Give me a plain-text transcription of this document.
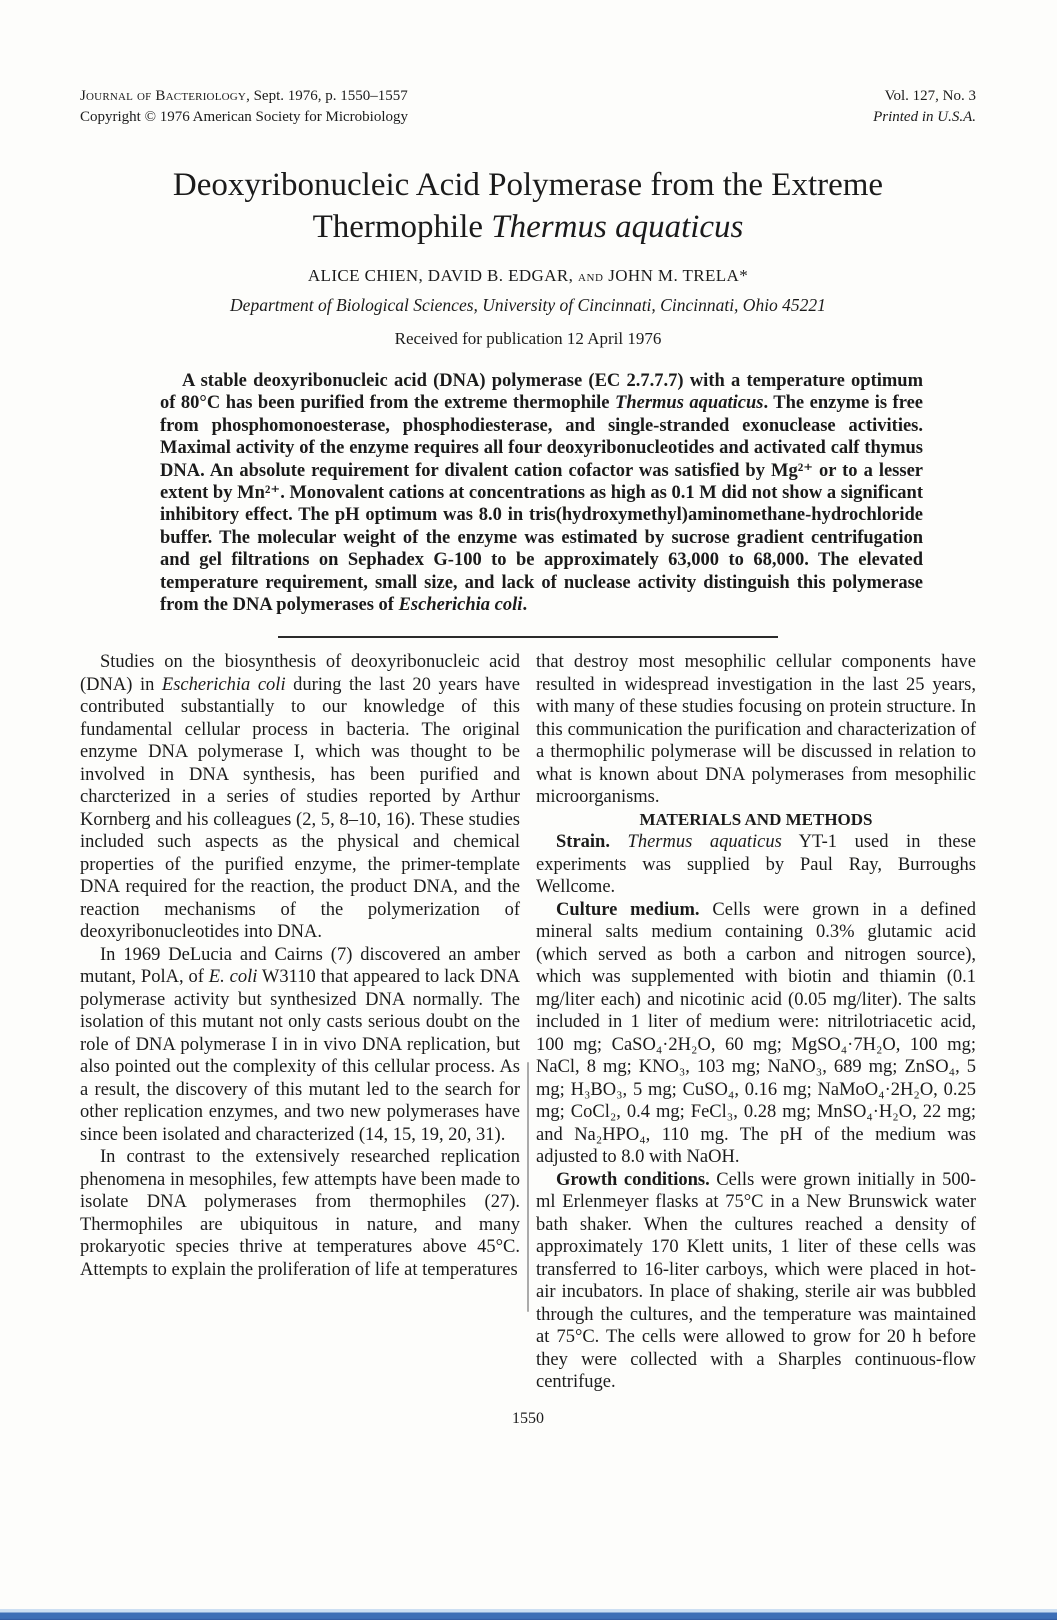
Journal of Bacteriology, Sept. 1976, p. 1550–1557
Copyright © 1976 American Society for Microbiology
Vol. 127, No. 3
Printed in U.S.A.
Deoxyribonucleic Acid Polymerase from the Extreme
Thermophile Thermus aquaticus
ALICE CHIEN, DAVID B. EDGAR, and JOHN M. TRELA*
Department of Biological Sciences, University of Cincinnati, Cincinnati, Ohio 45221
Received for publication 12 April 1976

A stable deoxyribonucleic acid (DNA) polymerase (EC 2.7.7.7) with a temperature optimum of 80°C has been purified from the extreme thermophile Thermus aquaticus. The enzyme is free from phosphomonoesterase, phosphodiesterase, and single-stranded exonuclease activities. Maximal activity of the enzyme requires all four deoxyribonucleotides and activated calf thymus DNA. An absolute requirement for divalent cation cofactor was satisfied by Mg²⁺ or to a lesser extent by Mn²⁺. Monovalent cations at concentrations as high as 0.1 M did not show a significant inhibitory effect. The pH optimum was 8.0 in tris(hydroxymethyl)aminomethane-hydrochloride buffer. The molecular weight of the enzyme was estimated by sucrose gradient centrifugation and gel filtrations on Sephadex G-100 to be approximately 63,000 to 68,000. The elevated temperature requirement, small size, and lack of nuclease activity distinguish this polymerase from the DNA polymerases of Escherichia coli.

Studies on the biosynthesis of deoxyribonucleic acid (DNA) in Escherichia coli during the last 20 years have contributed substantially to our knowledge of this fundamental cellular process in bacteria. The original enzyme DNA polymerase I, which was thought to be involved in DNA synthesis, has been purified and charcterized in a series of studies reported by Arthur Kornberg and his colleagues (2, 5, 8–10, 16). These studies included such aspects as the physical and chemical properties of the purified enzyme, the primer-template DNA required for the reaction, the product DNA, and the reaction mechanisms of the polymerization of deoxyribonucleotides into DNA.

In 1969 DeLucia and Cairns (7) discovered an amber mutant, PolA, of E. coli W3110 that appeared to lack DNA polymerase activity but synthesized DNA normally. The isolation of this mutant not only casts serious doubt on the role of DNA polymerase I in in vivo DNA replication, but also pointed out the complexity of this cellular process. As a result, the discovery of this mutant led to the search for other replication enzymes, and two new polymerases have since been isolated and characterized (14, 15, 19, 20, 31).

In contrast to the extensively researched replication phenomena in mesophiles, few attempts have been made to isolate DNA polymerases from thermophiles (27). Thermophiles are ubiquitous in nature, and many prokaryotic species thrive at temperatures above 45°C. Attempts to explain the proliferation of life at temperatures

that destroy most mesophilic cellular components have resulted in widespread investigation in the last 25 years, with many of these studies focusing on protein structure. In this communication the purification and characterization of a thermophilic polymerase will be discussed in relation to what is known about DNA polymerases from mesophilic microorganisms.

MATERIALS AND METHODS

Strain. Thermus aquaticus YT-1 used in these experiments was supplied by Paul Ray, Burroughs Wellcome.

Culture medium. Cells were grown in a defined mineral salts medium containing 0.3% glutamic acid (which served as both a carbon and nitrogen source), which was supplemented with biotin and thiamin (0.1 mg/liter each) and nicotinic acid (0.05 mg/liter). The salts included in 1 liter of medium were: nitrilotriacetic acid, 100 mg; CaSO₄·2H₂O, 60 mg; MgSO₄·7H₂O, 100 mg; NaCl, 8 mg; KNO₃, 103 mg; NaNO₃, 689 mg; ZnSO₄, 5 mg; H₃BO₃, 5 mg; CuSO₄, 0.16 mg; NaMoO₄·2H₂O, 0.25 mg; CoCl₂, 0.4 mg; FeCl₃, 0.28 mg; MnSO₄·H₂O, 22 mg; and Na₂HPO₄, 110 mg. The pH of the medium was adjusted to 8.0 with NaOH.

Growth conditions. Cells were grown initially in 500-ml Erlenmeyer flasks at 75°C in a New Brunswick water bath shaker. When the cultures reached a density of approximately 170 Klett units, 1 liter of these cells was transferred to 16-liter carboys, which were placed in hot-air incubators. In place of shaking, sterile air was bubbled through the cultures, and the temperature was maintained at 75°C. The cells were allowed to grow for 20 h before they were collected with a Sharples continuous-flow centrifuge.

1550
